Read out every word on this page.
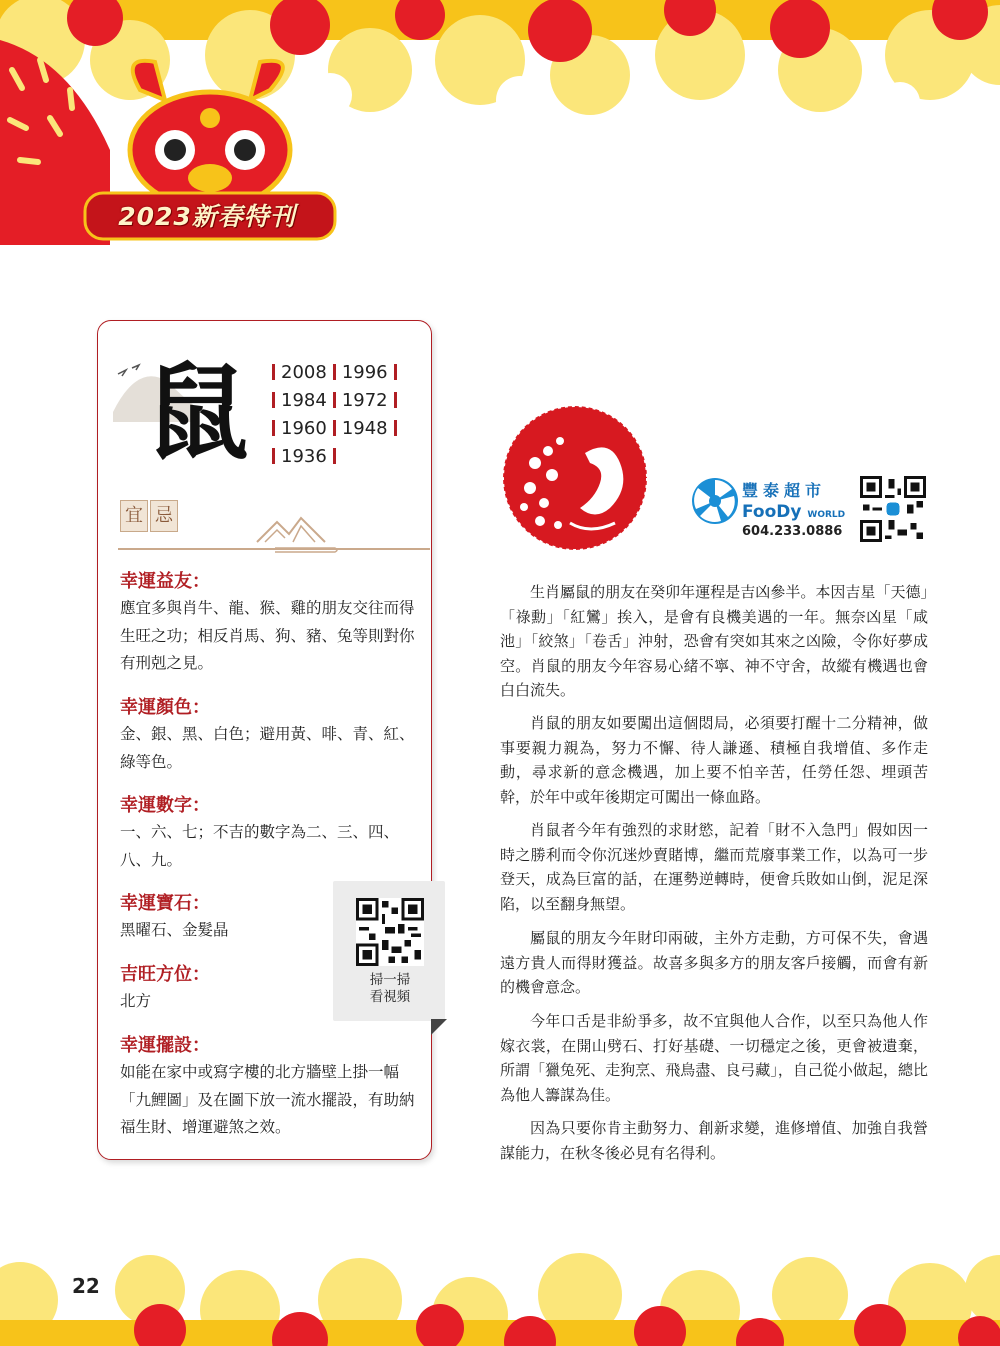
2023新春特刊
鼠	2008 1996
1984 1972
1960 1948
1936
宜 忌
幸運益友：
應宜多與肖牛、龍、猴、雞的朋友交往而得生旺之功；相反肖馬、狗、豬、兔等則對你有刑剋之見。
幸運顏色：
金、銀、黑、白色；避用黃、啡、青、紅、綠等色。
幸運數字：
一、六、七；不吉的數字為二、三、四、八、九。
幸運寶石：
黑曜石、金髮晶
吉旺方位：
北方
幸運擺設：
如能在家中或寫字樓的北方牆壁上掛一幅「九鯉圖」及在圖下放一流水擺設，有助納福生財、增運避煞之效。
掃一掃
看視頻
豐泰超市
FooDy WORLD
604.233.0886
生肖屬鼠的朋友在癸卯年運程是吉凶參半。本因吉星「天德」「祿勳」「紅鸞」挨入，是會有良機美遇的一年。無奈凶星「咸池」「絞煞」「卷舌」沖射，恐會有突如其來之凶險，令你好夢成空。肖鼠的朋友今年容易心緒不寧、神不守舍，故縱有機遇也會白白流失。
肖鼠的朋友如要闖出這個悶局，必須要打醒十二分精神，做事要親力親為，努力不懈、待人謙遜、積極自我增值、多作走動，尋求新的意念機遇，加上要不怕辛苦，任勞任怨、埋頭苦幹，於年中或年後期定可闖出一條血路。
肖鼠者今年有強烈的求財慾，記着「財不入急門」假如因一時之勝利而令你沉迷炒賣賭博，繼而荒廢事業工作，以為可一步登天，成為巨富的話，在運勢逆轉時，便會兵敗如山倒，泥足深陷，以至翻身無望。
屬鼠的朋友今年財印兩破，主外方走動，方可保不失，會遇遠方貴人而得財獲益。故喜多與多方的朋友客戶接觸，而會有新的機會意念。
今年口舌是非紛爭多，故不宜與他人合作，以至只為他人作嫁衣裳，在開山劈石、打好基礎、一切穩定之後，更會被遺棄，所謂「獵兔死、走狗烹、飛鳥盡、良弓藏」，自己從小做起，總比為他人籌謀為佳。
因為只要你肯主動努力、創新求變，進修增值、加強自我營謀能力，在秋冬後必見有名得利。
22
